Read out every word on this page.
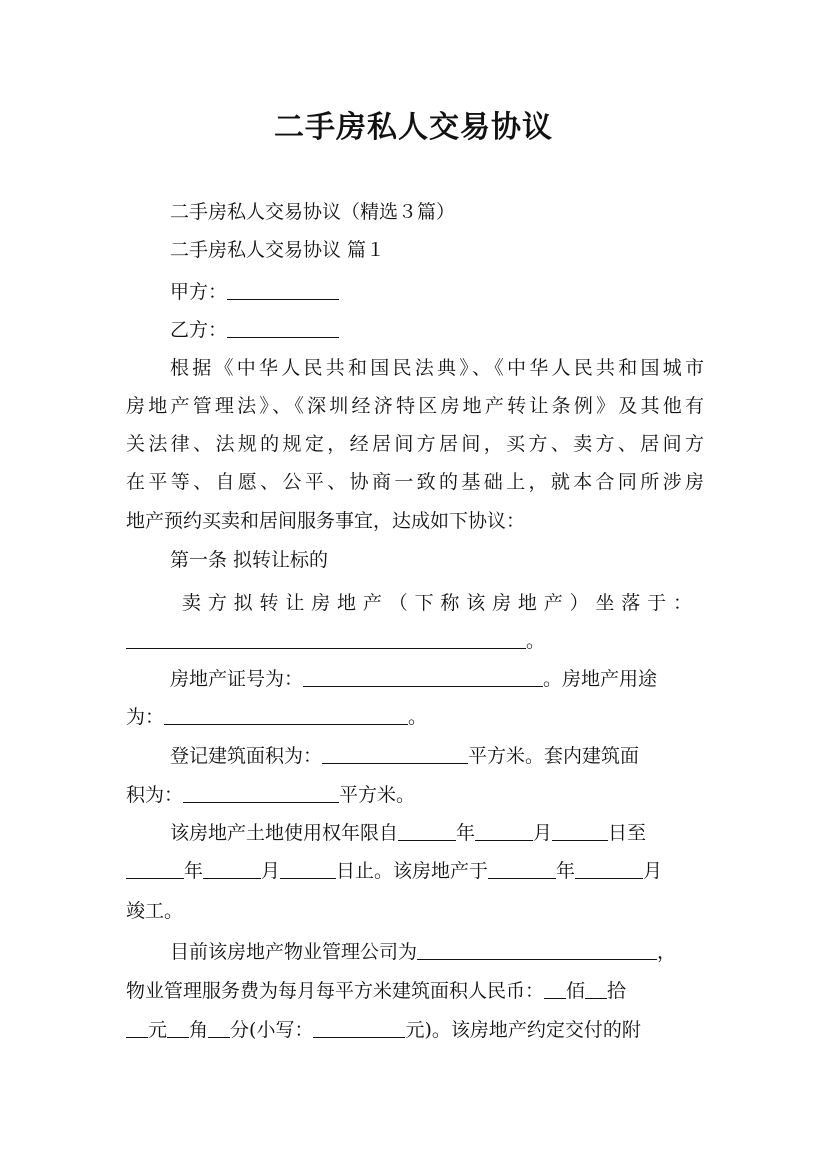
二手房私人交易协议
二手房私人交易协议（精选３篇）
二手房私人交易协议 篇１
甲方：
乙方：
根据《中华人民共和国民法典》、《中华人民共和国城市
房地产管理法》、《深圳经济特区房地产转让条例》及其他有
关法律、法规的规定，经居间方居间，买方、卖方、居间方
在平等、自愿、公平、协商一致的基础上，就本合同所涉房
地产预约买卖和居间服务事宜，达成如下协议：
第一条 拟转让标的
卖方拟转让房地产（下称该房地产）坐落于：
。
房地产证号为：	。房地产用途
为：	。
登记建筑面积为：	平方米。套内建筑面
积为：	平方米。
该房地产土地使用权年限自	年	月	日至
年	月	日止。该房地产于	年	月
竣工。
目前该房地产物业管理公司为	，
物业管理服务费为每月每平方米建筑面积人民币： 佰 拾
元 角 分(小写：	元)。该房地产约定交付的附
